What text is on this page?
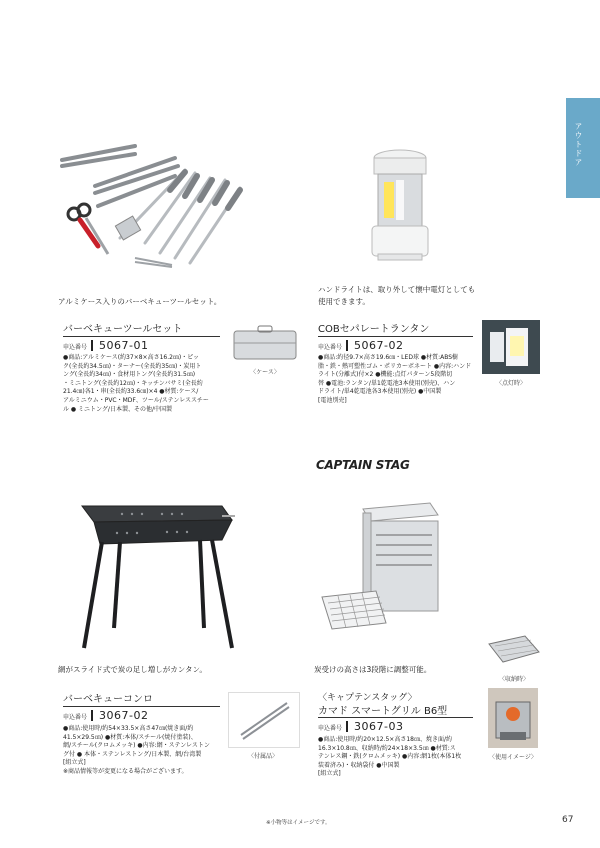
アウトドア
アルミケース入りのバーベキューツールセット。
バーベキューツールセット
申込番号 5067-01
●商品:アルミケース(約37×8×高さ16.2㎝)・ピッ
ク(全長約34.5㎝)・ターナー(全長約35㎝)・炭用ト
ング(全長約34㎝)・食材用トング(全長約31.5㎝)
・ミニトング(全長約12㎝)・キッチンバサミ(全長約
21.4㎝)各1・串(全長約33.6㎝)×4 ●材質:ケース/
アルミニウム・PVC・MDF、ツール/ステンレススチー
ル ● ミニトング/日本製、その他/中国製
〈ケース〉
ハンドライトは、取り外して懐中電灯としても
使用できます。
COBセパレートランタン
申込番号 5067-02
●商品:約径9.7×高さ19.6㎝・LED球 ●材質:ABS樹
脂・鉄・熱可塑性ゴム・ポリカーボネート ●内容:ハンド
ライト(分離式)付×2 ●機能:点灯パターン5段階切
替 ●電池:ランタン/単1乾電池3本使用(別売)、ハン
ドライト/単4乾電池各3本使用(別売) ●中国製
[電池別売]
〈点灯時〉
網がスライド式で炭の足し増しがカンタン。
バーベキューコンロ
申込番号 3067-02
●商品:使用時/約54×33.5×高さ47㎝(焼き面/約
41.5×29.5㎝) ●材質:本体/スチール(焼付塗装)、
網/スチール(クロムメッキ) ●内容:網・ステンレストン
グ付 ● 本体・ステンレストング/日本製、網/台湾製
[組立式]
※商品情報等が変更になる場合がございます。
〈付属品〉
CAPTAIN STAG
炭受けの高さは3段階に調整可能。
〈キャプテンスタッグ〉
カマド スマートグリル B6型
申込番号 3067-03
●商品:使用時/約20×12.5×高さ18㎝、焼き面/約
16.3×10.8㎝、収納時/約24×18×3.5㎝ ●材質:ス
テンレス鋼・鉄(クロムメッキ) ●内容:網1枚(本体1枚
装着済み)・収納袋付 ●中国製
[組立式]
〈収納時〉
〈使用イメージ〉
※小物等はイメージです。	67
